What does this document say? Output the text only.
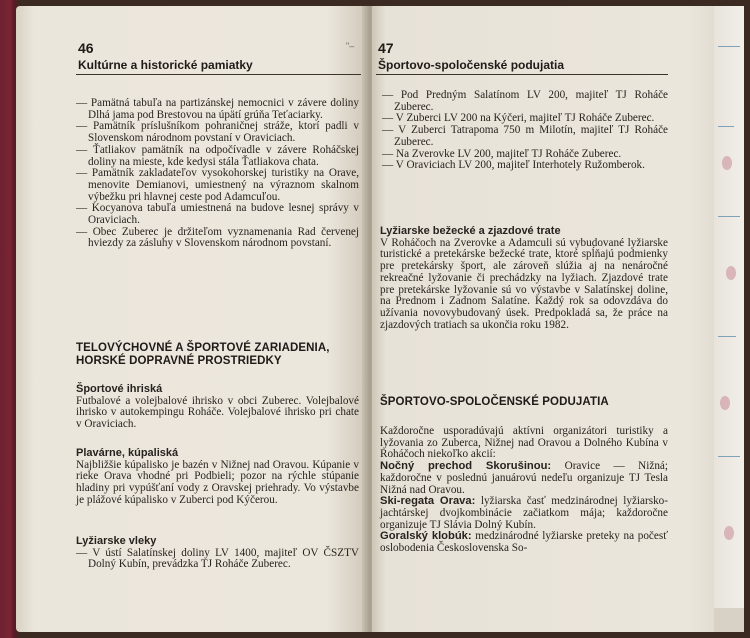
46
Kultúrne a historické pamiatky
"–

— Pamätná tabuľa na partizánskej nemocnici v závere doliny Dlhá jama pod Brestovou na úpätí grúňa Teťaciarky.

— Pamätník príslušníkom pohraničnej stráže, ktorí padli v Slovenskom národnom povstaní v Oraviciach.

— Ťatliakov pamätník na odpočívadle v závere Roháčskej doliny na mieste, kde kedysi stála Ťatliakova chata.

— Pamätník zakladateľov vysokohorskej turistiky na Orave, menovite Demianovi, umiestnený na výraznom skalnom výbežku pri hlavnej ceste pod Adamcuľou.

— Kocyanova tabuľa umiestnená na budove lesnej správy v Oraviciach.

— Obec Zuberec je držiteľom vyznamenania Rad červenej hviezdy za zásluhy v Slovenskom národnom povstaní.

TELOVÝCHOVNÉ A ŠPORTOVÉ ZARIADENIA, HORSKÉ DOPRAVNÉ PROSTRIEDKY

Športové ihriská

Futbalové a volejbalové ihrisko v obci Zuberec. Volejbalové ihrisko v autokempingu Roháče. Volejbalové ihrisko pri chate v Oraviciach.

Plavárne, kúpaliská

Najbližšie kúpalisko je bazén v Nižnej nad Oravou. Kúpanie v rieke Orava vhodné pri Podbieli; pozor na rýchle stúpanie hladiny pri vypúšťaní vody z Oravskej priehrady. Vo výstavbe je plážové kúpalisko v Zuberci pod Kýčerou.

Lyžiarske vleky

— V ústí Salatínskej doliny LV 1400, majiteľ OV ČSZTV Dolný Kubín, prevádzka TJ Roháče Zuberec.

47
Športovo-spoločenské podujatia

— Pod Predným Salatínom LV 200, majiteľ TJ Roháče Zuberec.

— V Zuberci LV 200 na Kýčeri, majiteľ TJ Roháče Zuberec.

— V Zuberci Tatrapoma 750 m Milotín, majiteľ TJ Roháče Zuberec.

— Na Zverovke LV 200, majiteľ TJ Roháče Zuberec.

— V Oraviciach LV 200, majiteľ Interhotely Ružomberok.

Lyžiarske bežecké a zjazdové trate

V Roháčoch na Zverovke a Adamculi sú vybudované lyžiarske turistické a pretekárske bežecké trate, ktoré spĺňajú podmienky pre pretekársky šport, ale zároveň slúžia aj na nenáročné rekreačné lyžovanie či prechádzky na lyžiach. Zjazdové trate pre pretekárske lyžovanie sú vo výstavbe v Salatínskej doline, na Prednom i Zadnom Salatíne. Každý rok sa odovzdáva do užívania novovybudovaný úsek. Predpokladá sa, že práce na zjazdových tratiach sa ukončia roku 1982.

ŠPORTOVO-SPOLOČENSKÉ PODUJATIA

Každoročne usporadúvajú aktívni organizátori turistiky a lyžovania zo Zuberca, Nižnej nad Oravou a Dolného Kubína v Roháčoch niekoľko akcií:

Nočný prechod Skorušinou: Oravice — Nižná; každoročne v poslednú januárovú nedeľu organizuje TJ Tesla Nižná nad Oravou.

Ski-regata Orava: lyžiarska časť medzinárodnej lyžiarsko-jachtárskej dvojkombinácie začiatkom mája; každoročne organizuje TJ Slávia Dolný Kubín.

Goralský klobúk: medzinárodné lyžiarske preteky na počesť oslobodenia Československa So-
